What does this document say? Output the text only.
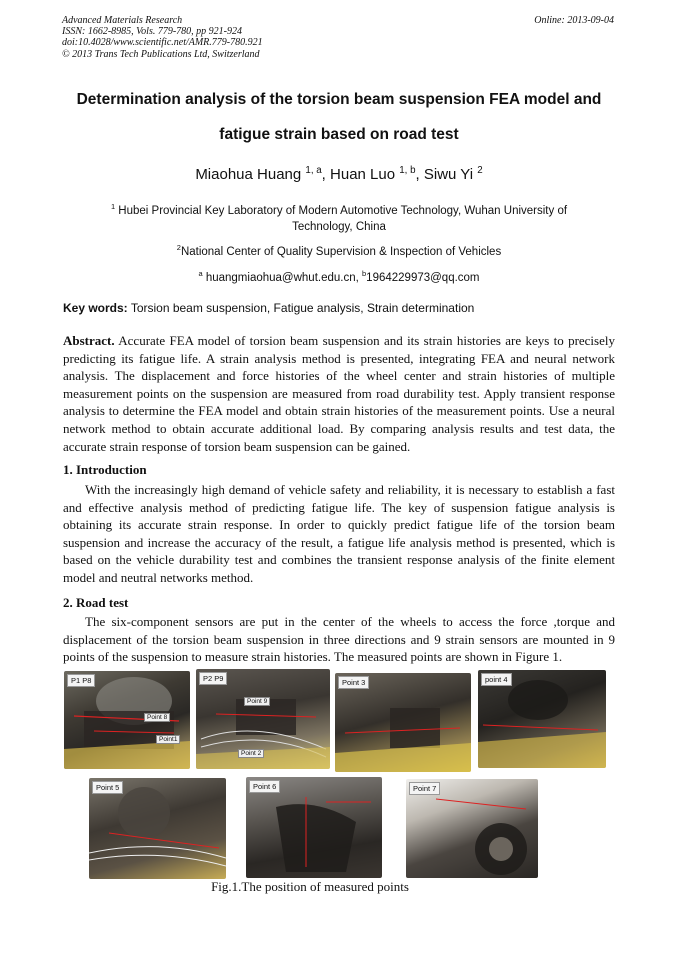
Advanced Materials Research
ISSN: 1662-8985, Vols. 779-780, pp 921-924
doi:10.4028/www.scientific.net/AMR.779-780.921
© 2013 Trans Tech Publications Ltd, Switzerland
Online: 2013-09-04
Determination analysis of the torsion beam suspension FEA model and
fatigue strain based on road test
Miaohua Huang $^{1, a}$, Huan Luo $^{1, b}$, Siwu Yi $^2$
$^1$ Hubei Provincial Key Laboratory of Modern Automotive Technology, Wuhan University of Technology, China
$^2$National Center of Quality Supervision & Inspection of Vehicles
$^a$ huangmiaohua@whut.edu.cn, $^b$1964229973@qq.com
Key words: Torsion beam suspension, Fatigue analysis, Strain determination
Abstract. Accurate FEA model of torsion beam suspension and its strain histories are keys to precisely predicting its fatigue life. A strain analysis method is presented, integrating FEA and neural network analysis. The displacement and force histories of the wheel center and strain histories of multiple measurement points on the suspension are measured from road durability test. Apply transient response analysis to determine the FEA model and obtain strain histories of the measurement points. Use a neural network method to obtain accurate additional load. By comparing analysis results and test data, the accurate strain response of torsion beam suspension can be gained.
1. Introduction
With the increasingly high demand of vehicle safety and reliability, it is necessary to establish a fast and effective analysis method of predicting fatigue life. The key of suspension fatigue analysis is obtaining its accurate strain response. In order to quickly predict fatigue life of the torsion beam suspension and increase the accuracy of the result, a fatigue life analysis method is presented, which is based on the vehicle durability test and combines the transient response analysis of the finite element model and neutral networks method.
2. Road test
The six-component sensors are put in the center of the wheels to access the force ,torque and displacement of the torsion beam suspension in three directions and 9 strain sensors are mounted in 9 points of the suspension to measure strain histories. The measured points are shown in Figure 1.
P1 P8
Point 8
Point1
P2 P9
Point 9
Point 2
Point 3	point 4
Point 5	Point 6	Point 7
Fig.1.The position of measured points
